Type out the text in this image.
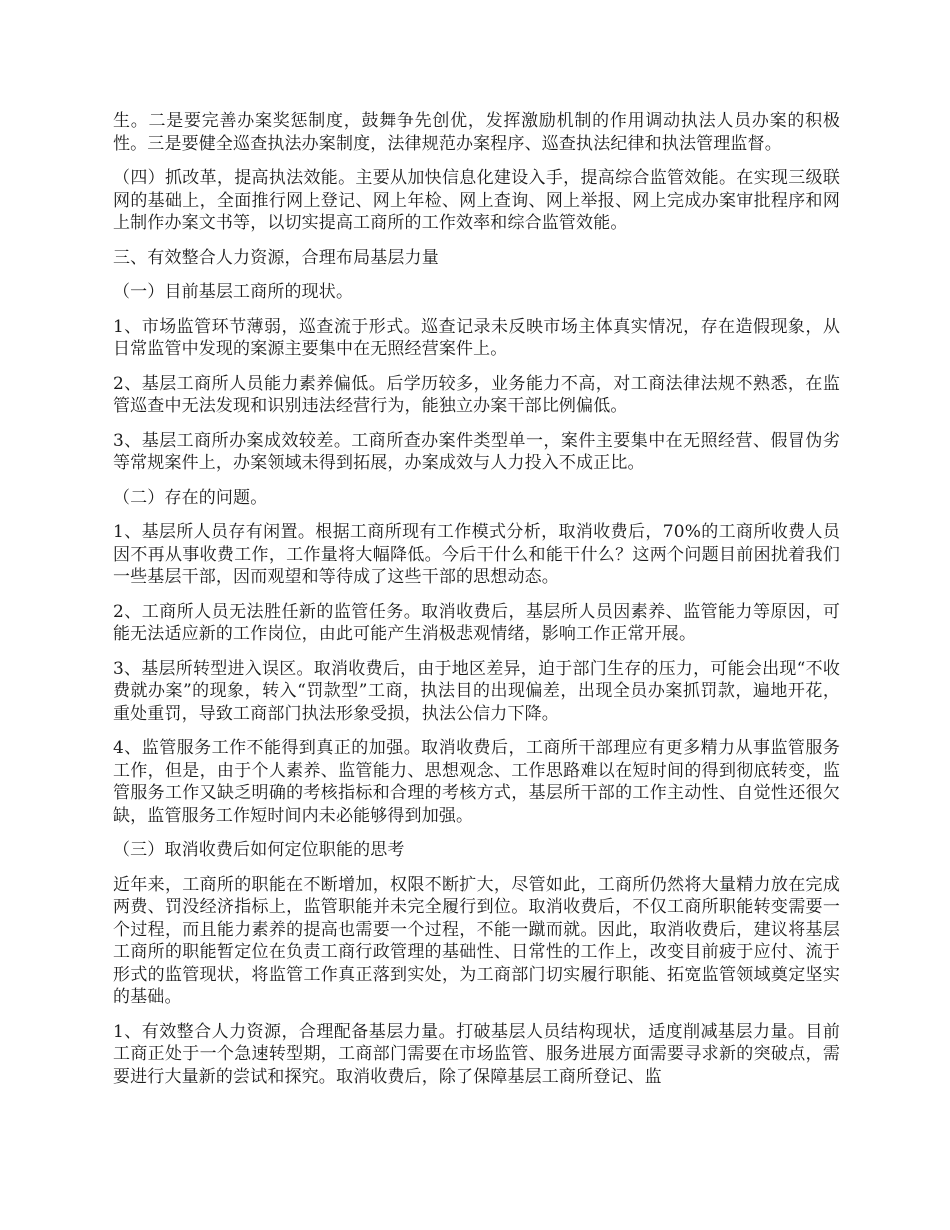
生。二是要完善办案奖惩制度，鼓舞争先创优，发挥激励机制的作用调动执法人员办案的积极性。三是要健全巡查执法办案制度，法律规范办案程序、巡查执法纪律和执法管理监督。

（四）抓改革，提高执法效能。主要从加快信息化建设入手，提高综合监管效能。在实现三级联网的基础上，全面推行网上登记、网上年检、网上查询、网上举报、网上完成办案审批程序和网上制作办案文书等，以切实提高工商所的工作效率和综合监管效能。

三、有效整合人力资源，合理布局基层力量

（一）目前基层工商所的现状。

1、市场监管环节薄弱，巡查流于形式。巡查记录未反映市场主体真实情况，存在造假现象，从日常监管中发现的案源主要集中在无照经营案件上。

2、基层工商所人员能力素养偏低。后学历较多，业务能力不高，对工商法律法规不熟悉，在监管巡查中无法发现和识别违法经营行为，能独立办案干部比例偏低。

3、基层工商所办案成效较差。工商所查办案件类型单一，案件主要集中在无照经营、假冒伪劣等常规案件上，办案领域未得到拓展，办案成效与人力投入不成正比。

（二）存在的问题。

1、基层所人员存有闲置。根据工商所现有工作模式分析，取消收费后，70%的工商所收费人员因不再从事收费工作，工作量将大幅降低。今后干什么和能干什么？这两个问题目前困扰着我们一些基层干部，因而观望和等待成了这些干部的思想动态。

2、工商所人员无法胜任新的监管任务。取消收费后，基层所人员因素养、监管能力等原因，可能无法适应新的工作岗位，由此可能产生消极悲观情绪，影响工作正常开展。

3、基层所转型进入误区。取消收费后，由于地区差异，迫于部门生存的压力，可能会出现“不收费就办案”的现象，转入“罚款型”工商，执法目的出现偏差，出现全员办案抓罚款，遍地开花，重处重罚，导致工商部门执法形象受损，执法公信力下降。

4、监管服务工作不能得到真正的加强。取消收费后，工商所干部理应有更多精力从事监管服务工作，但是，由于个人素养、监管能力、思想观念、工作思路难以在短时间的得到彻底转变，监管服务工作又缺乏明确的考核指标和合理的考核方式，基层所干部的工作主动性、自觉性还很欠缺，监管服务工作短时间内未必能够得到加强。

（三）取消收费后如何定位职能的思考

近年来，工商所的职能在不断增加，权限不断扩大，尽管如此，工商所仍然将大量精力放在完成两费、罚没经济指标上，监管职能并未完全履行到位。取消收费后，不仅工商所职能转变需要一个过程，而且能力素养的提高也需要一个过程，不能一蹴而就。因此，取消收费后，建议将基层工商所的职能暂定位在负责工商行政管理的基础性、日常性的工作上，改变目前疲于应付、流于形式的监管现状，将监管工作真正落到实处，为工商部门切实履行职能、拓宽监管领域奠定坚实的基础。

1、有效整合人力资源，合理配备基层力量。打破基层人员结构现状，适度削减基层力量。目前工商正处于一个急速转型期，工商部门需要在市场监管、服务进展方面需要寻求新的突破点，需要进行大量新的尝试和探究。取消收费后，除了保障基层工商所登记、监
